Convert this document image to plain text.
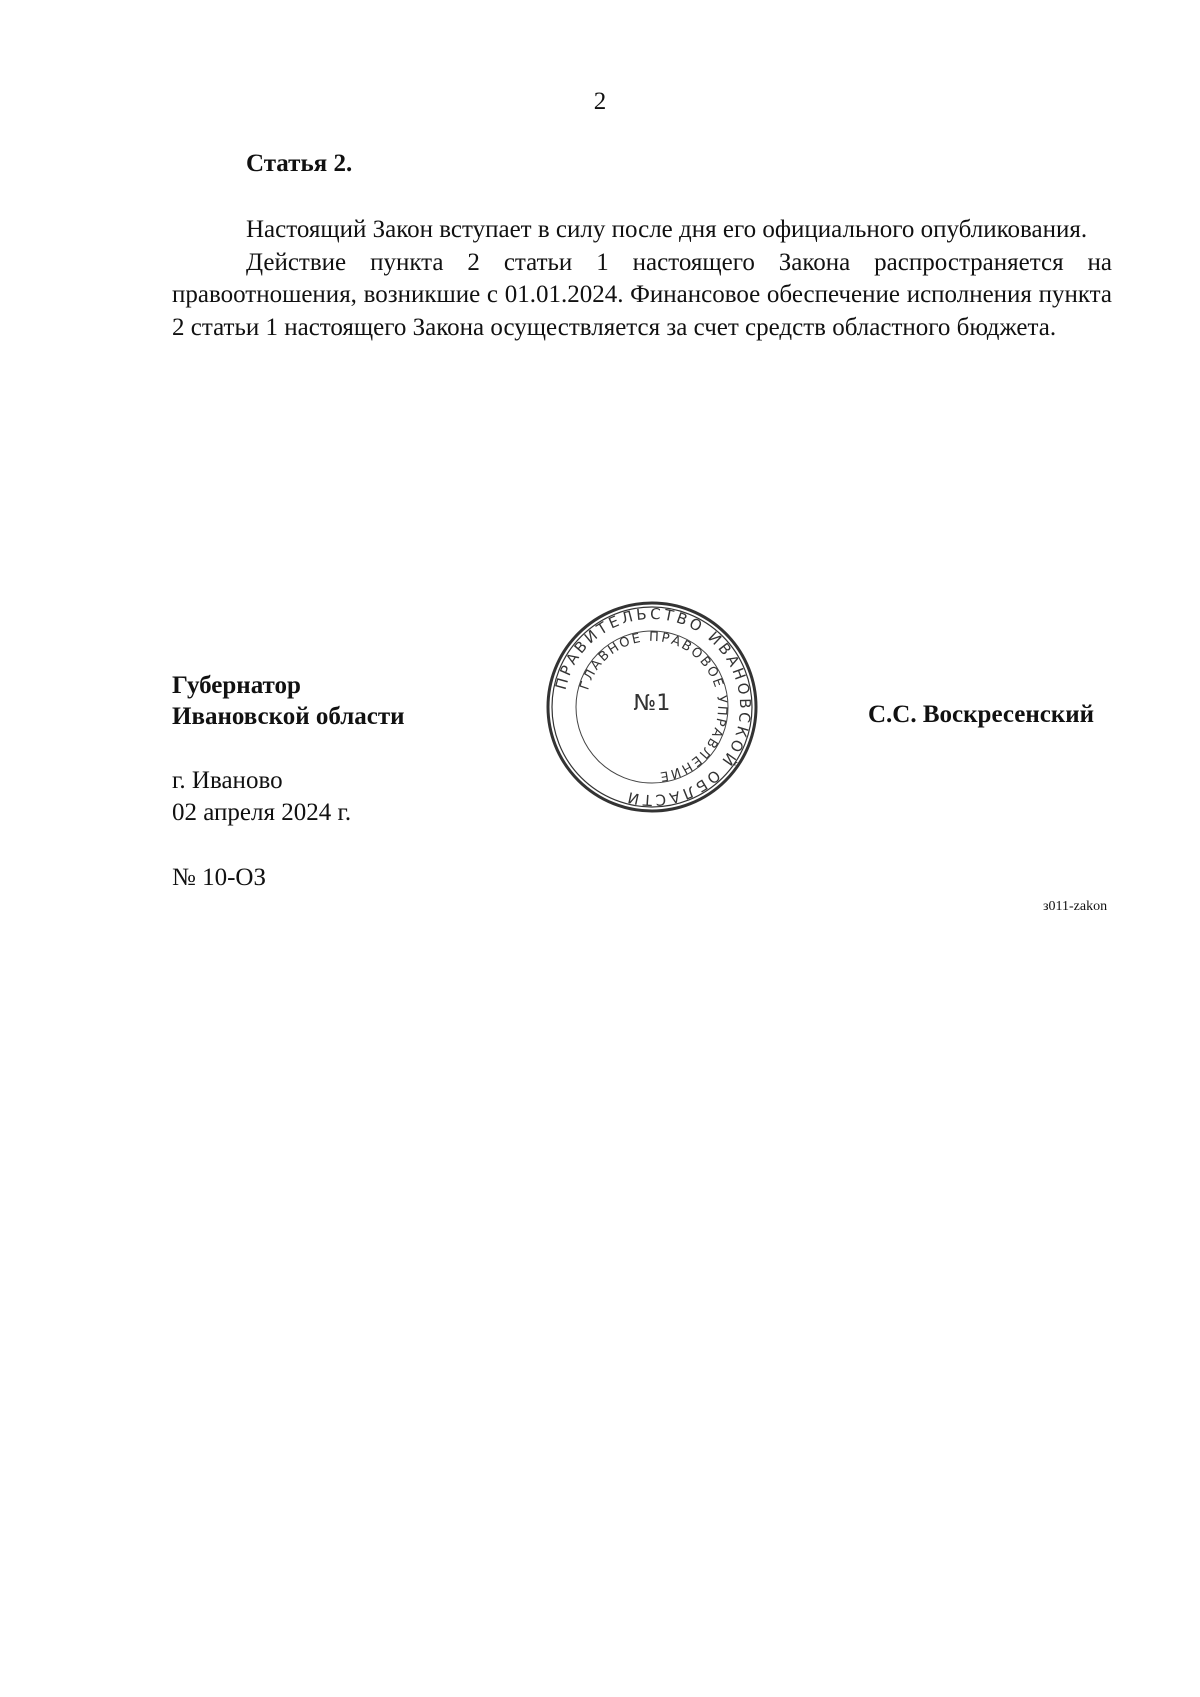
2
Статья 2.

Настоящий Закон вступает в силу после дня его официального опубликования.

Действие пункта 2 статьи 1 настоящего Закона распространяется на правоотношения, возникшие с 01.01.2024. Финансовое обеспечение исполнения пункта 2 статьи 1 настоящего Закона осуществляется за счет средств областного бюджета.

Губернатор
Ивановской области
ПРАВИТЕЛЬСТВО ИВАНОВСКОЙ ОБЛАСТИ
ГЛАВНОЕ ПРАВОВОЕ УПРАВЛЕНИЕ
№1	С.С. Воскресенский
г. Иваново
02 апреля 2024 г.
№ 10-ОЗ
з011-zakon
